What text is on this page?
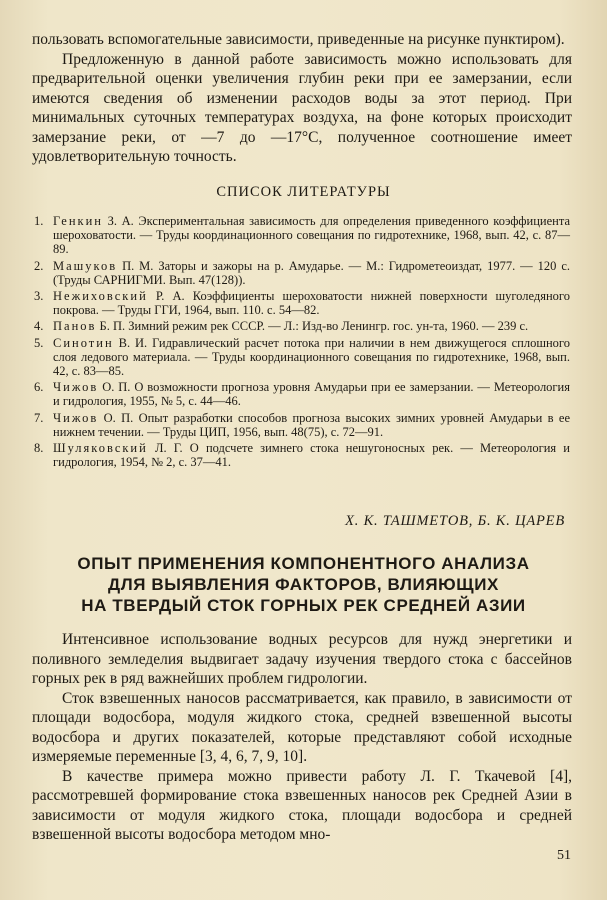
пользовать вспомогательные зависимости, приведенные на рисунке пунктиром).

Предложенную в данной работе зависимость можно использовать для предварительной оценки увеличения глубин реки при ее замерзании, если имеются сведения об изменении расходов воды за этот период. При минимальных суточных температурах воздуха, на фоне которых происходит замерзание реки, от —7 до —17°С, полученное соотношение имеет удовлетворительную точность.

СПИСОК ЛИТЕРАТУРЫ
1. Генкин З. А. Экспериментальная зависимость для определения приведенного коэффициента шероховатости. — Труды координационного совещания по гидротехнике, 1968, вып. 42, с. 87—89.
2. Машуков П. М. Заторы и зажоры на р. Амударье. — М.: Гидрометеоиздат, 1977. — 120 с. (Труды САРНИГМИ. Вып. 47(128)).
3. Нежиховский Р. А. Коэффициенты шероховатости нижней поверхности шуголедяного покрова. — Труды ГГИ, 1964, вып. 110. с. 54—82.
4. Панов Б. П. Зимний режим рек СССР. — Л.: Изд-во Ленингр. гос. ун-та, 1960. — 239 с.
5. Синотин В. И. Гидравлический расчет потока при наличии в нем движущегося сплошного слоя ледового материала. — Труды координационного совещания по гидротехнике, 1968, вып. 42, с. 83—85.
6. Чижов О. П. О возможности прогноза уровня Амударьи при ее замерзании. — Метеорология и гидрология, 1955, № 5, с. 44—46.
7. Чижов О. П. Опыт разработки способов прогноза высоких зимних уровней Амударьи в ее нижнем течении. — Труды ЦИП, 1956, вып. 48(75), с. 72—91.
8. Шуляковский Л. Г. О подсчете зимнего стока нешугоносных рек. — Метеорология и гидрология, 1954, № 2, с. 37—41.
Х. К. ТАШМЕТОВ, Б. К. ЦАРЕВ
ОПЫТ ПРИМЕНЕНИЯ КОМПОНЕНТНОГО АНАЛИЗА
ДЛЯ ВЫЯВЛЕНИЯ ФАКТОРОВ, ВЛИЯЮЩИХ
НА ТВЕРДЫЙ СТОК ГОРНЫХ РЕК СРЕДНЕЙ АЗИИ

Интенсивное использование водных ресурсов для нужд энергетики и поливного земледелия выдвигает задачу изучения твердого стока с бассейнов горных рек в ряд важнейших проблем гидрологии.

Сток взвешенных наносов рассматривается, как правило, в зависимости от площади водосбора, модуля жидкого стока, средней взвешенной высоты водосбора и других показателей, которые представляют собой исходные измеряемые переменные [3, 4, 6, 7, 9, 10].

В качестве примера можно привести работу Л. Г. Ткачевой [4], рассмотревшей формирование стока взвешенных наносов рек Средней Азии в зависимости от модуля жидкого стока, площади водосбора и средней взвешенной высоты водосбора методом мно-

51
